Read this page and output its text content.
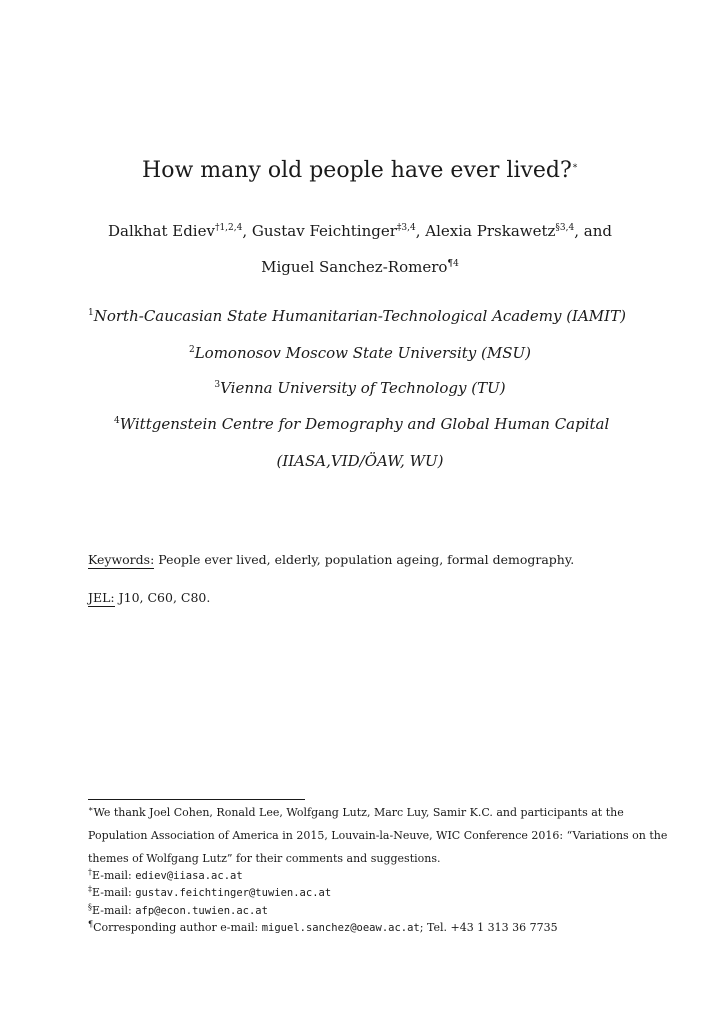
How many old people have ever lived?∗
Dalkhat Ediev$^{\dagger 1,2,4}$, Gustav Feichtinger$^{\ddagger 3,4}$, Alexia Prskawetz$^{\S 3,4}$, and
Miguel Sanchez-Romero$^{\P 4}$
$^1$North-Caucasian State Humanitarian-Technological Academy (IAMIT)
$^2$Lomonosov Moscow State University (MSU)
$^3$Vienna University of Technology (TU)
$^4$Wittgenstein Centre for Demography and Global Human Capital
(IIASA,VID/ÖAW, WU)
Keywords: People ever lived, elderly, population ageing, formal demography.
JEL: J10, C60, C80.
∗We thank Joel Cohen, Ronald Lee, Wolfgang Lutz, Marc Luy, Samir K.C. and participants at the
Population Association of America in 2015, Louvain-la-Neuve, WIC Conference 2016: “Variations on the
themes of Wolfgang Lutz” for their comments and suggestions.
†E-mail: ediev@iiasa.ac.at
‡E-mail: gustav.feichtinger@tuwien.ac.at
§E-mail: afp@econ.tuwien.ac.at
¶Corresponding author e-mail: miguel.sanchez@oeaw.ac.at; Tel. +43 1 313 36 7735
